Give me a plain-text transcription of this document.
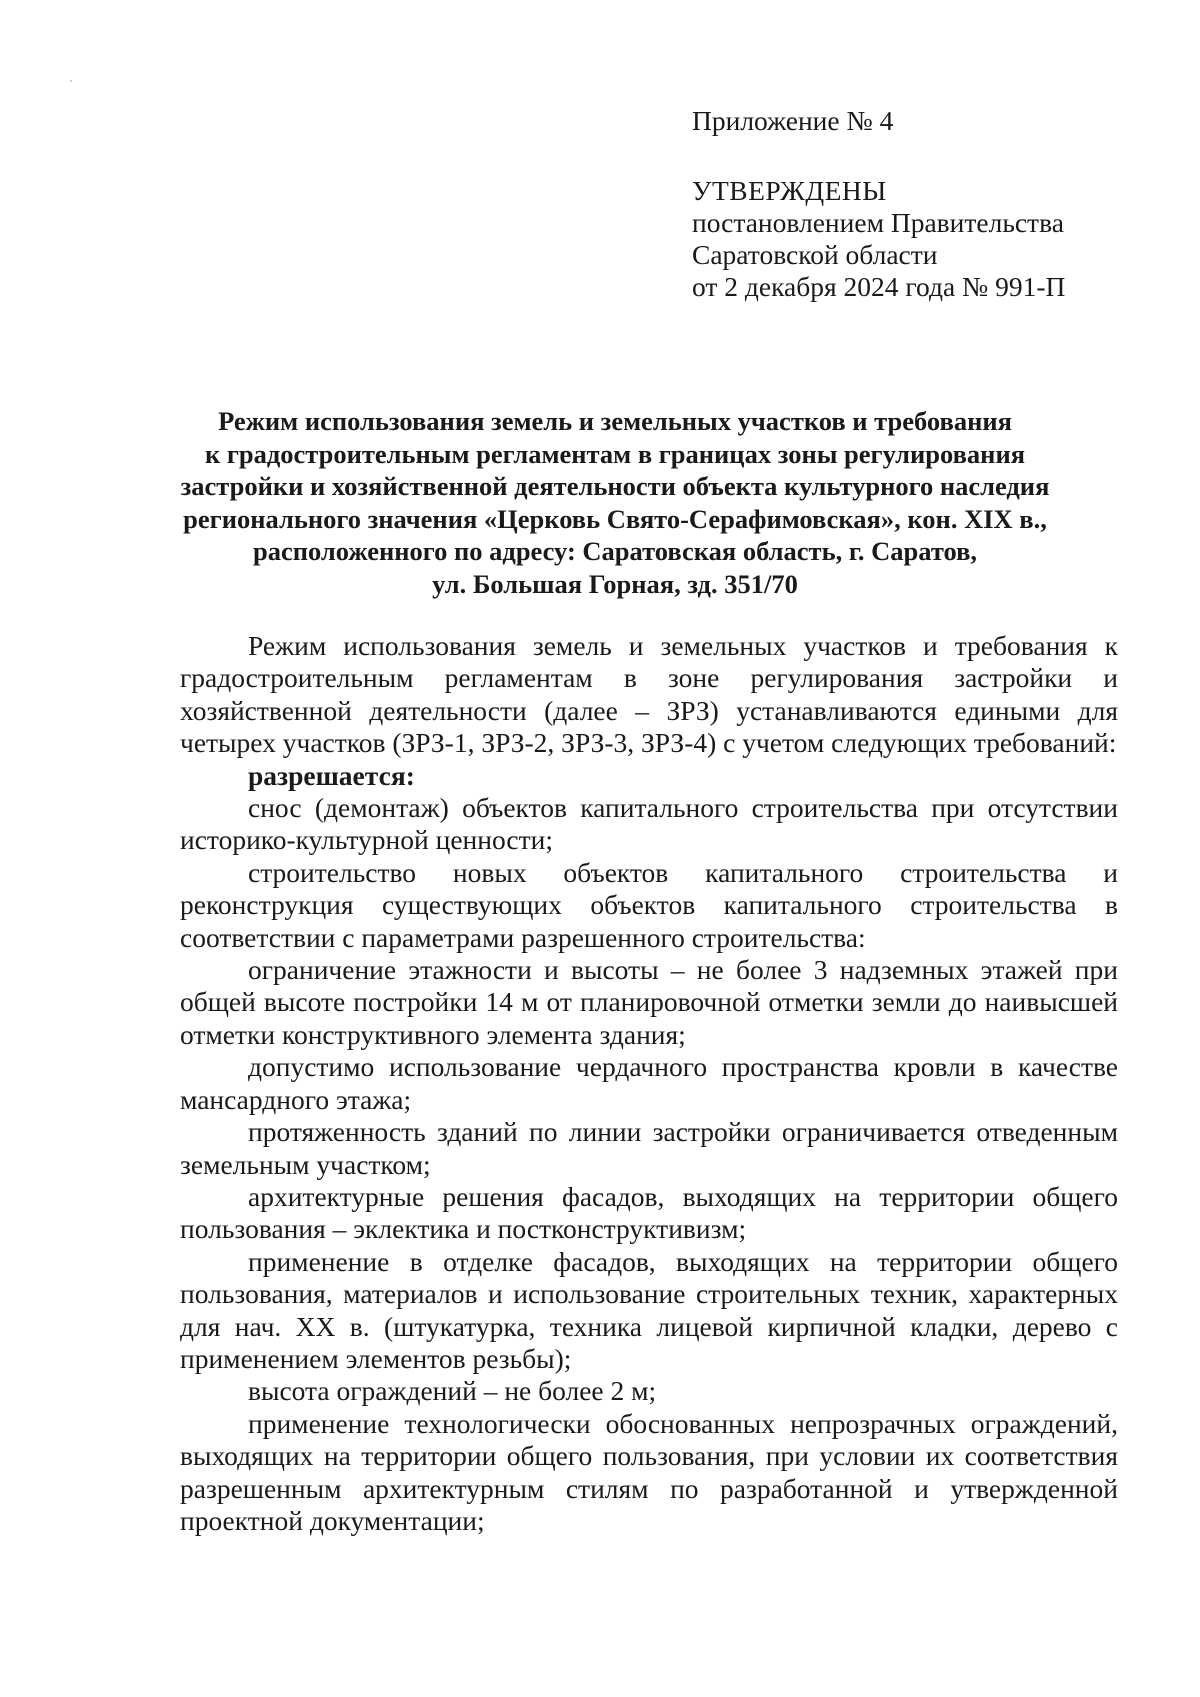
Приложение № 4
УТВЕРЖДЕНЫ
постановлением Правительства
Саратовской области
от 2 декабря 2024 года № 991-П
Режим использования земель и земельных участков и требования
к градостроительным регламентам в границах зоны регулирования
застройки и хозяйственной деятельности объекта культурного наследия
регионального значения «Церковь Свято-Серафимовская», кон. XIX в.,
расположенного по адресу: Саратовская область, г. Саратов,
ул. Большая Горная, зд. 351/70

Режим использования земель и земельных участков и требования к градостроительным регламентам в зоне регулирования застройки и хозяйственной деятельности (далее – ЗРЗ) устанавливаются едиными для четырех участков (ЗРЗ-1, ЗРЗ-2, ЗРЗ-3, ЗРЗ-4) с учетом следующих требований:

разрешается:

снос (демонтаж) объектов капитального строительства при отсутствии историко-культурной ценности;

строительство новых объектов капитального строительства и реконструкция существующих объектов капитального строительства в соответствии с параметрами разрешенного строительства:

ограничение этажности и высоты – не более 3 надземных этажей при общей высоте постройки 14 м от планировочной отметки земли до наивысшей отметки конструктивного элемента здания;

допустимо использование чердачного пространства кровли в качестве мансардного этажа;

протяженность зданий по линии застройки ограничивается отведенным земельным участком;

архитектурные решения фасадов, выходящих на территории общего пользования – эклектика и постконструктивизм;

применение в отделке фасадов, выходящих на территории общего пользования, материалов и использование строительных техник, характерных для нач. XX в. (штукатурка, техника лицевой кирпичной кладки, дерево с применением элементов резьбы);

высота ограждений – не более 2 м;

применение технологически обоснованных непрозрачных ограждений, выходящих на территории общего пользования, при условии их соответствия разрешенным архитектурным стилям по разработанной и утвержденной проектной документации;
